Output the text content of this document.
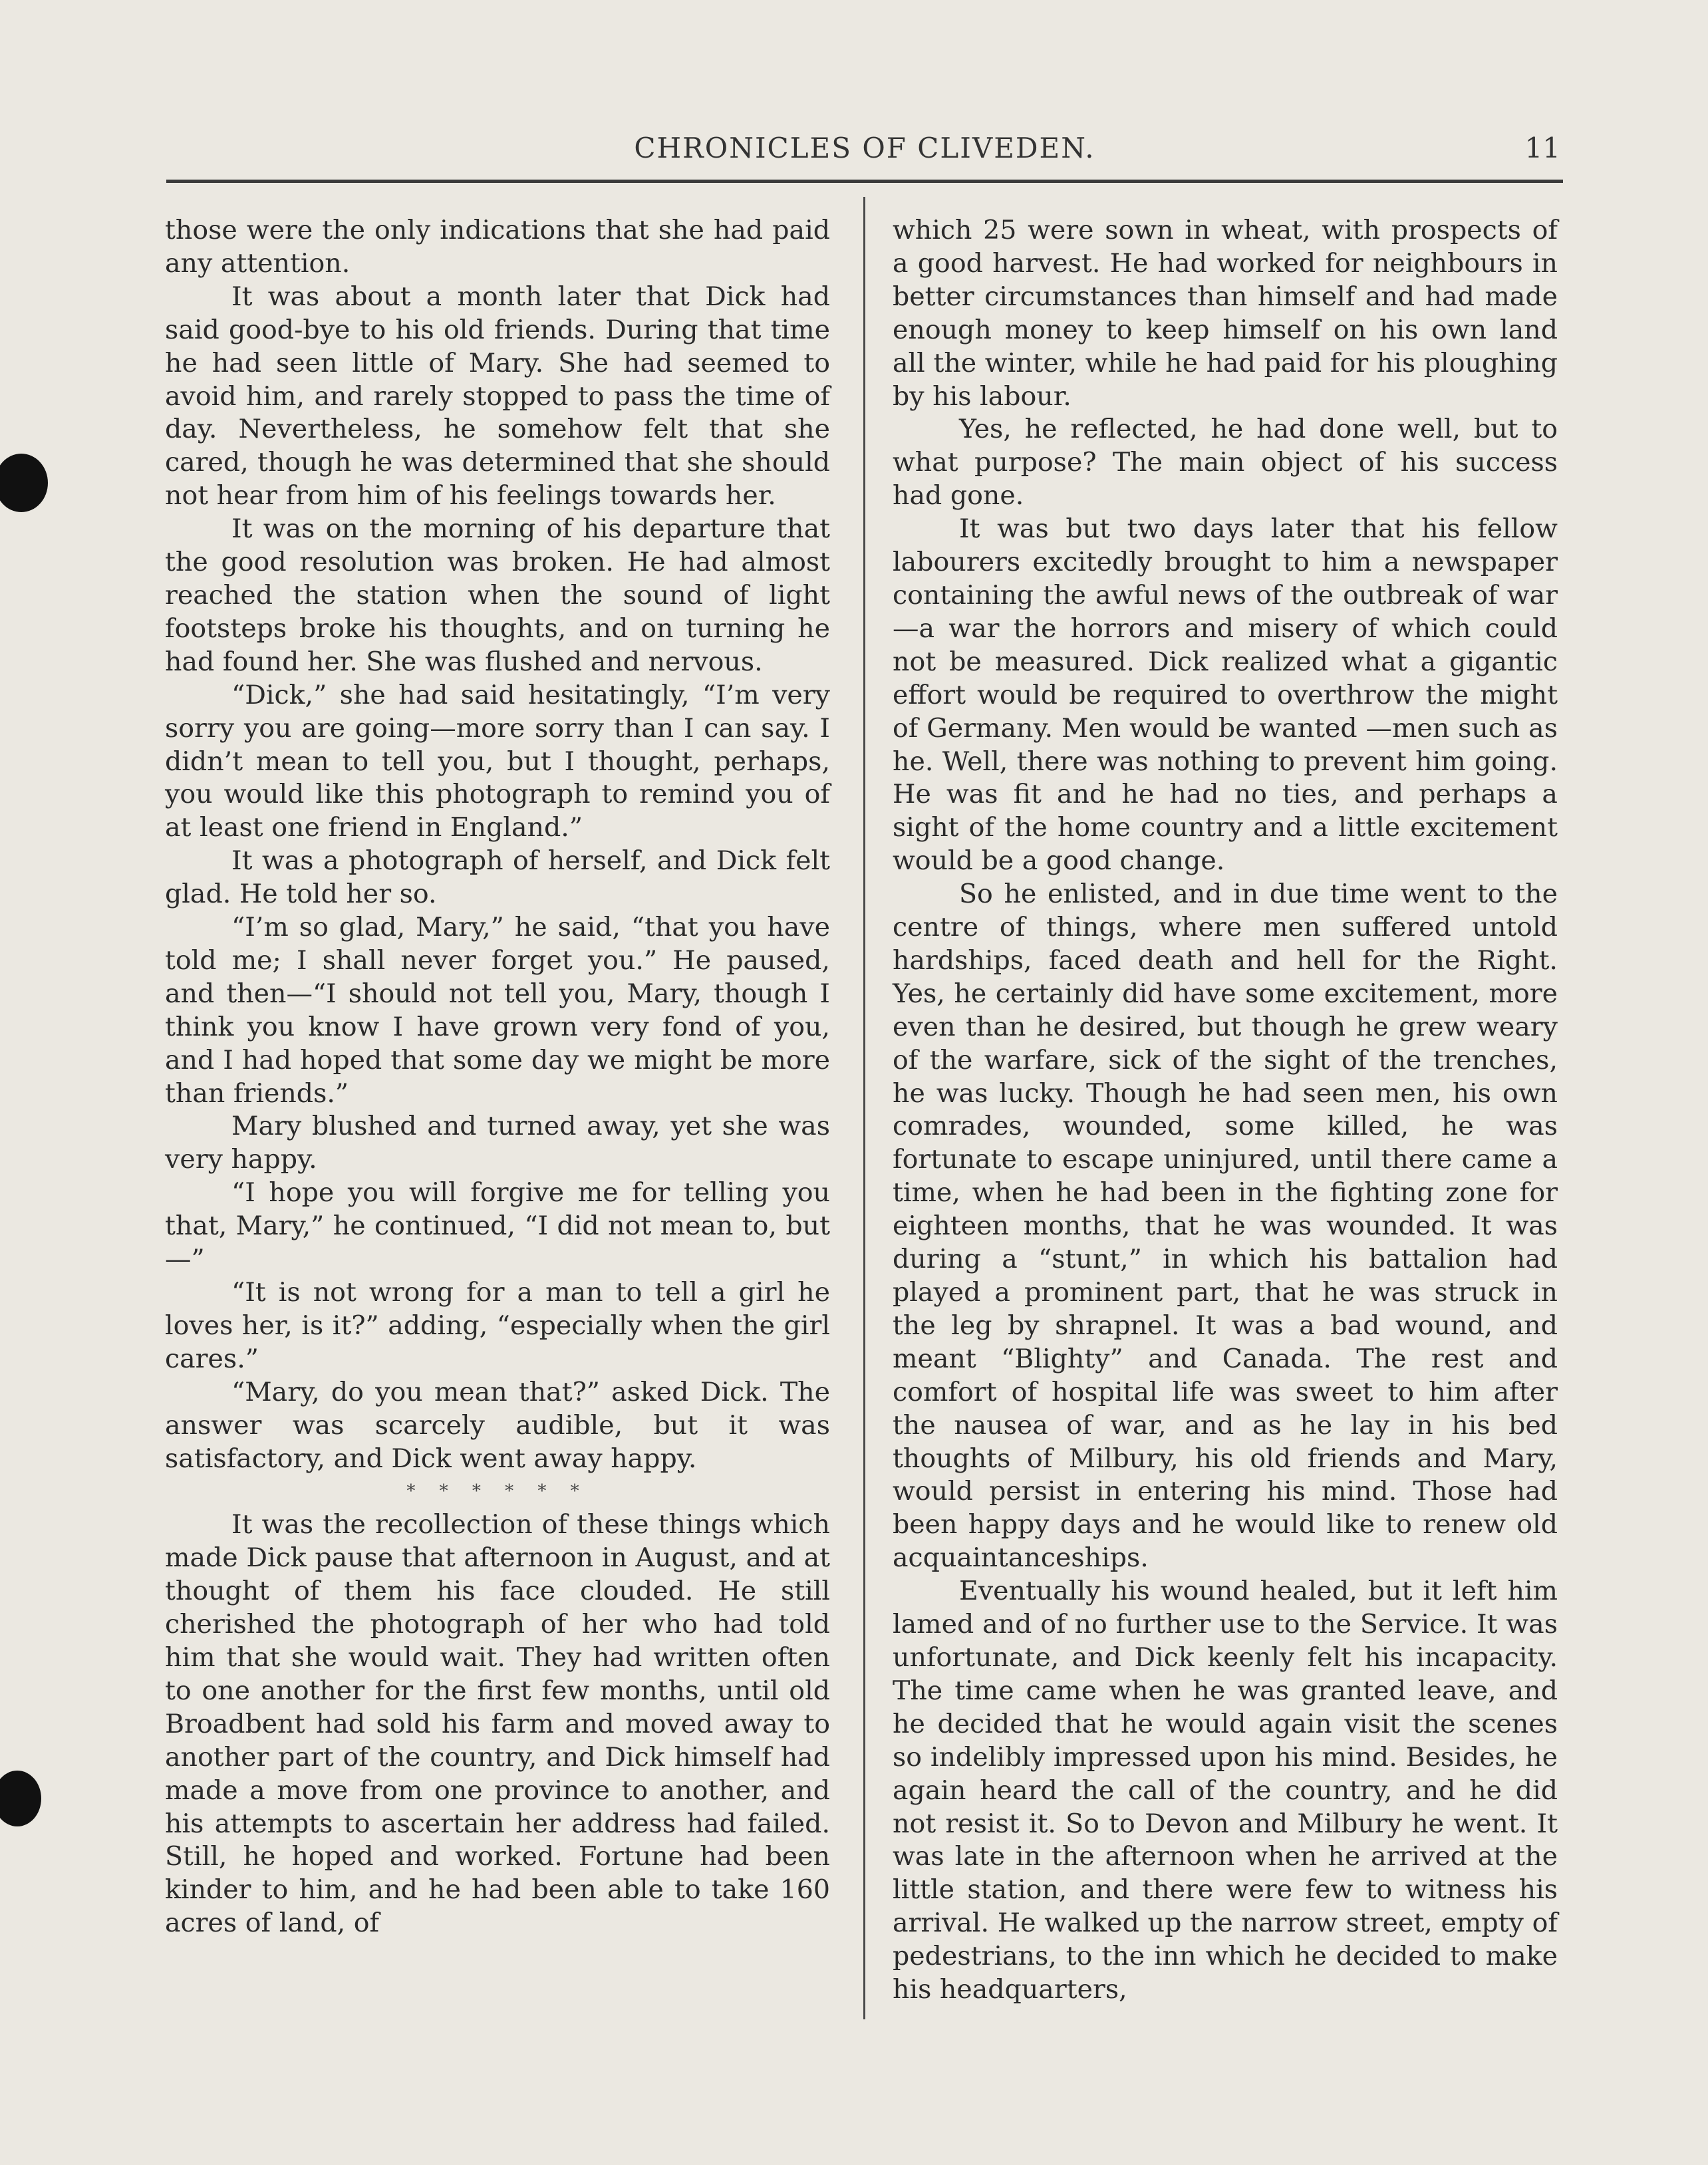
CHRONICLES OF CLIVEDEN.	11

those were the only indications that she had paid any attention.

It was about a month later that Dick had said good-bye to his old friends. During that time he had seen little of Mary. She had seemed to avoid him, and rarely stopped to pass the time of day. Nevertheless, he somehow felt that she cared, though he was determined that she should not hear from him of his feelings towards her.

It was on the morning of his departure that the good resolution was broken. He had almost reached the station when the sound of light footsteps broke his thoughts, and on turning he had found her. She was flushed and nervous.

“Dick,” she had said hesitatingly, “I’m very sorry you are going—more sorry than I can say. I didn’t mean to tell you, but I thought, perhaps, you would like this photograph to remind you of at least one friend in England.”

It was a photograph of herself, and Dick felt glad. He told her so.

“I’m so glad, Mary,” he said, “that you have told me; I shall never forget you.” He paused, and then—“I should not tell you, Mary, though I think you know I have grown very fond of you, and I had hoped that some day we might be more than friends.”

Mary blushed and turned away, yet she was very happy.

“I hope you will forgive me for telling you that, Mary,” he continued, “I did not mean to, but—”

“It is not wrong for a man to tell a girl he loves her, is it?” adding, “especially when the girl cares.”

“Mary, do you mean that?” asked Dick. The answer was scarcely audible, but it was satisfactory, and Dick went away happy.

* * * * * *

It was the recollection of these things which made Dick pause that afternoon in August, and at thought of them his face clouded. He still cherished the photograph of her who had told him that she would wait. They had written often to one another for the first few months, until old Broadbent had sold his farm and moved away to another part of the country, and Dick himself had made a move from one province to another, and his attempts to ascertain her address had failed. Still, he hoped and worked. Fortune had been kinder to him, and he had been able to take 160 acres of land, of

which 25 were sown in wheat, with prospects of a good harvest. He had worked for neighbours in better circumstances than himself and had made enough money to keep himself on his own land all the winter, while he had paid for his ploughing by his labour.

Yes, he reflected, he had done well, but to what purpose? The main object of his success had gone.

It was but two days later that his fellow labourers excitedly brought to him a newspaper containing the awful news of the outbreak of war—a war the horrors and misery of which could not be measured. Dick realized what a gigantic effort would be required to overthrow the might of Germany. Men would be wanted —men such as he. Well, there was nothing to prevent him going. He was fit and he had no ties, and perhaps a sight of the home country and a little excitement would be a good change.

So he enlisted, and in due time went to the centre of things, where men suffered untold hardships, faced death and hell for the Right. Yes, he certainly did have some excitement, more even than he desired, but though he grew weary of the warfare, sick of the sight of the trenches, he was lucky. Though he had seen men, his own comrades, wounded, some killed, he was fortunate to escape uninjured, until there came a time, when he had been in the fighting zone for eighteen months, that he was wounded. It was during a “stunt,” in which his battalion had played a prominent part, that he was struck in the leg by shrapnel. It was a bad wound, and meant “Blighty” and Canada. The rest and comfort of hospital life was sweet to him after the nausea of war, and as he lay in his bed thoughts of Milbury, his old friends and Mary, would persist in entering his mind. Those had been happy days and he would like to renew old acquaintanceships.

Eventually his wound healed, but it left him lamed and of no further use to the Service. It was unfortunate, and Dick keenly felt his incapacity. The time came when he was granted leave, and he decided that he would again visit the scenes so indelibly impressed upon his mind. Besides, he again heard the call of the country, and he did not resist it. So to Devon and Milbury he went. It was late in the afternoon when he arrived at the little station, and there were few to witness his arrival. He walked up the narrow street, empty of pedestrians, to the inn which he decided to make his headquarters,
